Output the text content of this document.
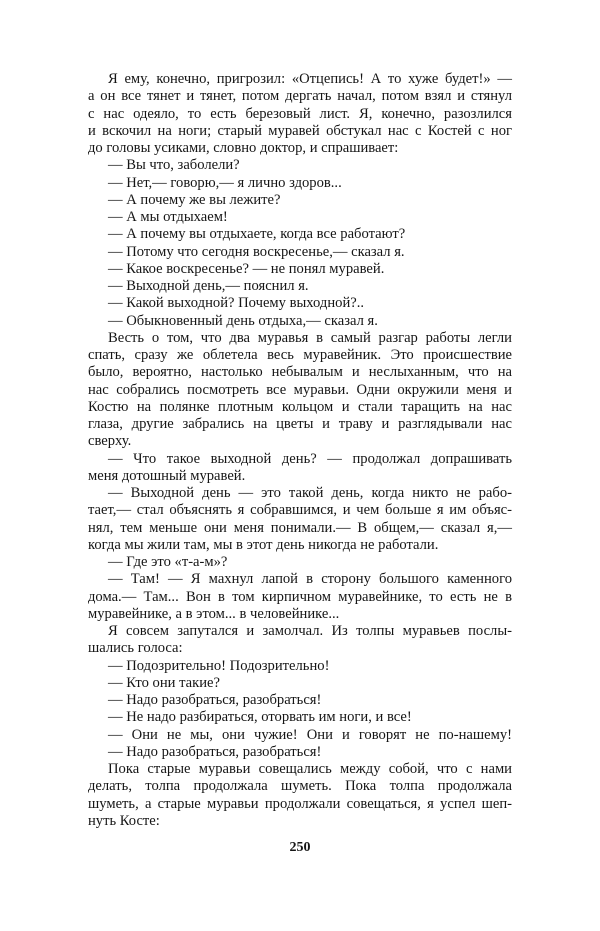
Я ему, конечно, пригрозил: «Отцепись! А то хуже будет!» —
а он все тянет и тянет, потом дергать начал, потом взял и стянул
с нас одеяло, то есть березовый лист. Я, конечно, разозлился
и вскочил на ноги; старый муравей обстукал нас с Костей с ног
до головы усиками, словно доктор, и спрашивает:
— Вы что, заболели?
— Нет,— говорю,— я лично здоров...
— А почему же вы лежите?
— А мы отдыхаем!
— А почему вы отдыхаете, когда все работают?
— Потому что сегодня воскресенье,— сказал я.
— Какое воскресенье? — не понял муравей.
— Выходной день,— пояснил я.
— Какой выходной? Почему выходной?..
— Обыкновенный день отдыха,— сказал я.
Весть о том, что два муравья в самый разгар работы легли
спать, сразу же облетела весь муравейник. Это происшествие
было, вероятно, настолько небывалым и неслыханным, что на
нас собрались посмотреть все муравьи. Одни окружили меня и
Костю на полянке плотным кольцом и стали таращить на нас
глаза, другие забрались на цветы и траву и разглядывали нас
сверху.
— Что такое выходной день? — продолжал допрашивать
меня дотошный муравей.
— Выходной день — это такой день, когда никто не рабо-
тает,— стал объяснять я собравшимся, и чем больше я им объяс-
нял, тем меньше они меня понимали.— В общем,— сказал я,—
когда мы жили там, мы в этот день никогда не работали.
— Где это «т-а-м»?
— Там! — Я махнул лапой в сторону большого каменного
дома.— Там... Вон в том кирпичном муравейнике, то есть не в
муравейнике, а в этом... в человейнике...
Я совсем запутался и замолчал. Из толпы муравьев послы-
шались голоса:
— Подозрительно! Подозрительно!
— Кто они такие?
— Надо разобраться, разобраться!
— Не надо разбираться, оторвать им ноги, и все!
— Они не мы, они чужие! Они и говорят не по-нашему!
— Надо разобраться, разобраться!
Пока старые муравьи совещались между собой, что с нами
делать, толпа продолжала шуметь. Пока толпа продолжала
шуметь, а старые муравьи продолжали совещаться, я успел шеп-
нуть Косте:
250
